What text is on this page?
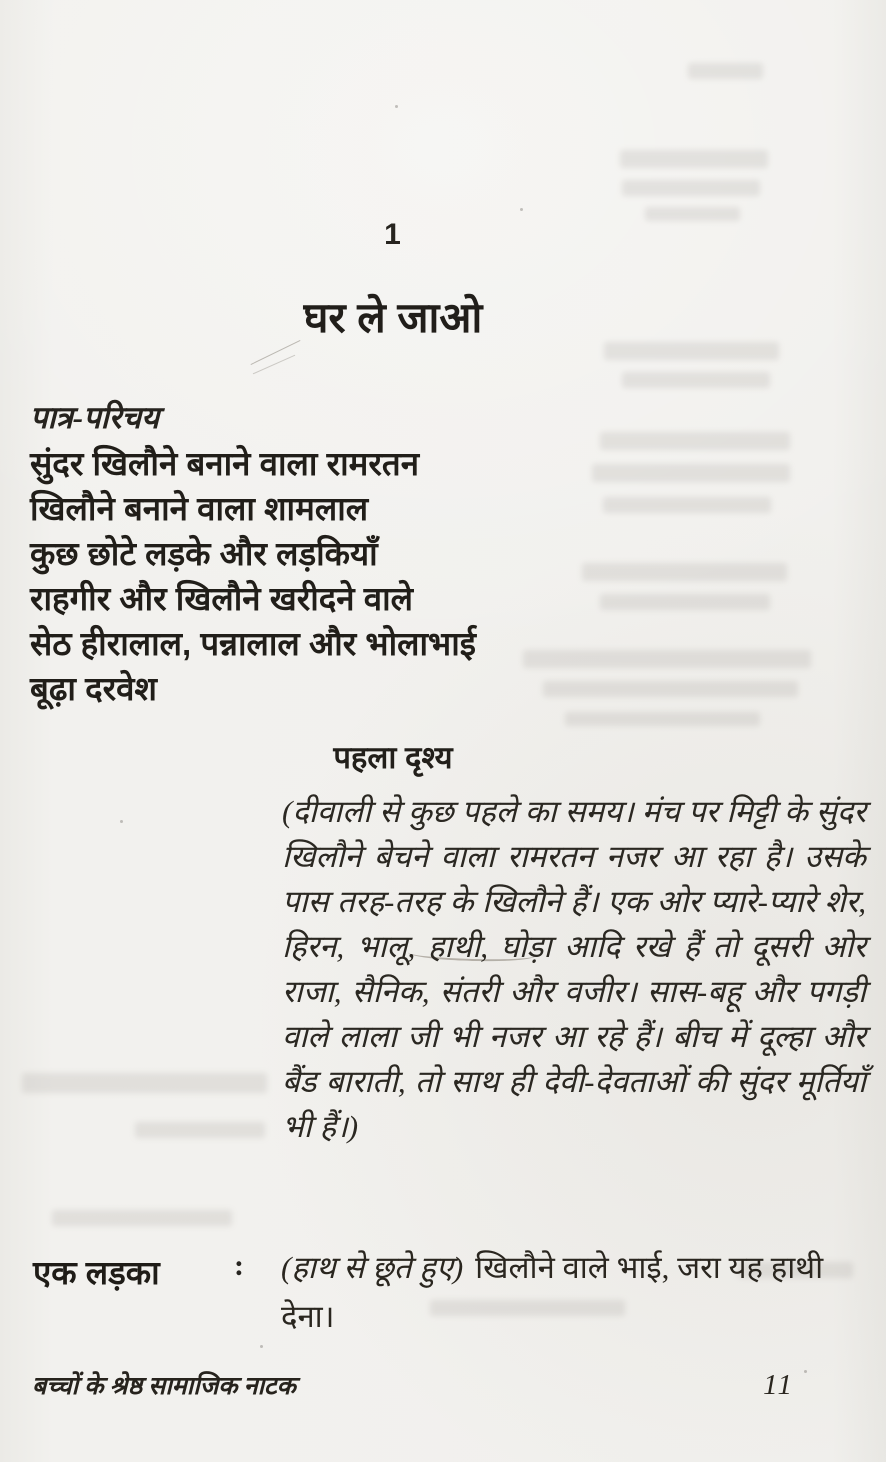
1
घर ले जाओ
पात्र-परिचय
सुंदर खिलौने बनाने वाला रामरतन
खिलौने बनाने वाला शामलाल
कुछ छोटे लड़के और लड़कियाँ
राहगीर और खिलौने खरीदने वाले
सेठ हीरालाल, पन्नालाल और भोलाभाई
बूढ़ा दरवेश
पहला दृश्य

(दीवाली से कुछ पहले का समय। मंच पर मिट्टी के सुंदर खिलौने बेचने वाला रामरतन नजर आ रहा है। उसके पास तरह-तरह के खिलौने हैं। एक ओर प्यारे-प्यारे शेर, हिरन, भालू, हाथी, घोड़ा आदि रखे हैं तो दूसरी ओर राजा, सैनिक, संतरी और वजीर। सास-बहू और पगड़ी वाले लाला जी भी नजर आ रहे हैं। बीच में दूल्हा और बैंड बाराती, तो साथ ही देवी-देवताओं की सुंदर मूर्तियाँ भी हैं।)

एक लड़का : (हाथ से छूते हुए) खिलौने वाले भाई, जरा यह हाथी देना।
बच्चों के श्रेष्ठ सामाजिक नाटक	11
